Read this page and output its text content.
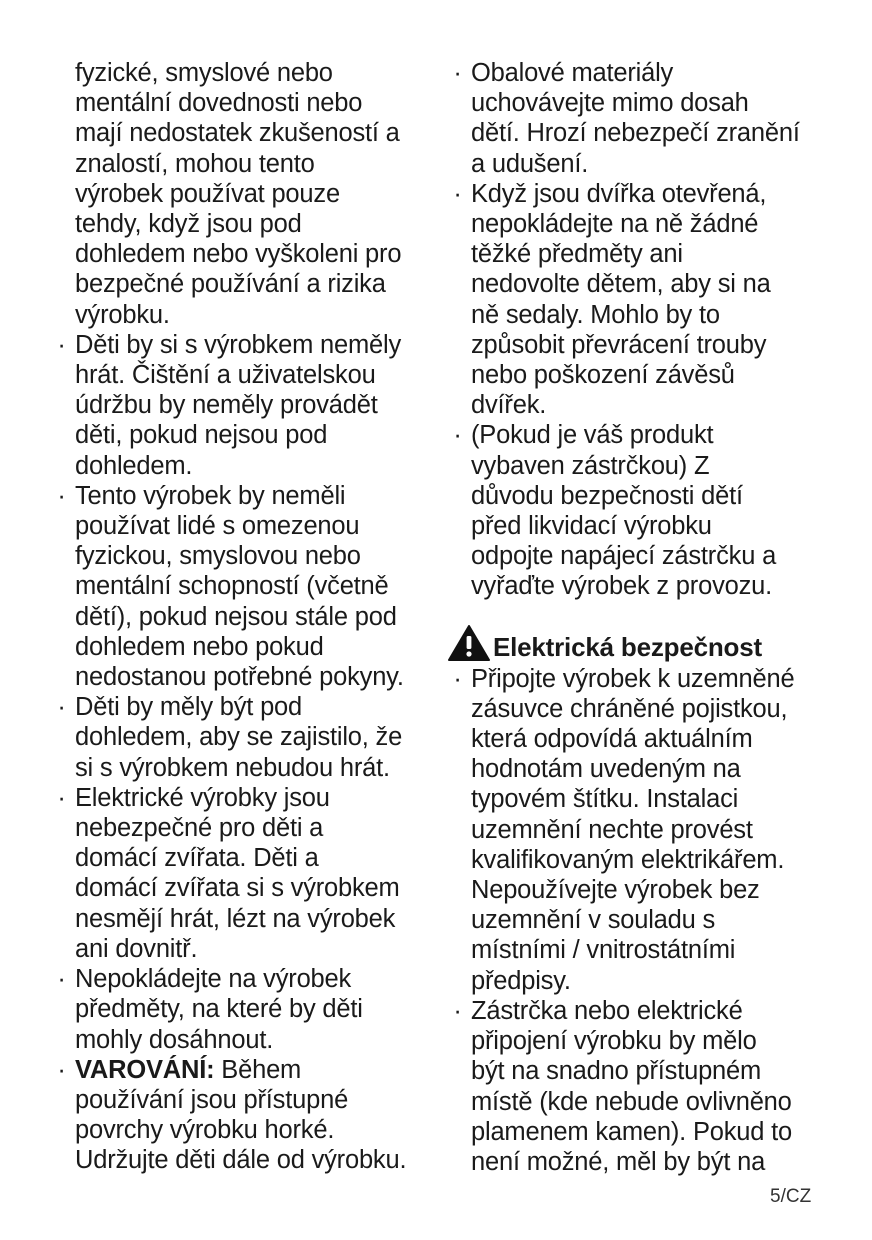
fyzické, smyslové nebo
mentální dovednosti nebo
mají nedostatek zkušeností a
znalostí, mohou tento
výrobek používat pouze
tehdy, když jsou pod
dohledem nebo vyškoleni pro
bezpečné používání a rizika
výrobku.
· Děti by si s výrobkem neměly
hrát. Čištění a uživatelskou
údržbu by neměly provádět
děti, pokud nejsou pod
dohledem.
· Tento výrobek by neměli
používat lidé s omezenou
fyzickou, smyslovou nebo
mentální schopností (včetně
dětí), pokud nejsou stále pod
dohledem nebo pokud
nedostanou potřebné pokyny.
· Děti by měly být pod
dohledem, aby se zajistilo, že
si s výrobkem nebudou hrát.
· Elektrické výrobky jsou
nebezpečné pro děti a
domácí zvířata. Děti a
domácí zvířata si s výrobkem
nesmějí hrát, lézt na výrobek
ani dovnitř.
· Nepokládejte na výrobek
předměty, na které by děti
mohly dosáhnout.
· VAROVÁNÍ: Během
používání jsou přístupné
povrchy výrobku horké.
Udržujte děti dále od výrobku.
· Obalové materiály
uchovávejte mimo dosah
dětí. Hrozí nebezpečí zranění
a udušení.
· Když jsou dvířka otevřená,
nepokládejte na ně žádné
těžké předměty ani
nedovolte dětem, aby si na
ně sedaly. Mohlo by to
způsobit převrácení trouby
nebo poškození závěsů
dvířek.
· (Pokud je váš produkt
vybaven zástrčkou) Z
důvodu bezpečnosti dětí
před likvidací výrobku
odpojte napájecí zástrčku a
vyřaďte výrobek z provozu.
Elektrická bezpečnost
· Připojte výrobek k uzemněné
zásuvce chráněné pojistkou,
která odpovídá aktuálním
hodnotám uvedeným na
typovém štítku. Instalaci
uzemnění nechte provést
kvalifikovaným elektrikářem.
Nepoužívejte výrobek bez
uzemnění v souladu s
místními / vnitrostátními
předpisy.
· Zástrčka nebo elektrické
připojení výrobku by mělo
být na snadno přístupném
místě (kde nebude ovlivněno
plamenem kamen). Pokud to
není možné, měl by být na
5/CZ
